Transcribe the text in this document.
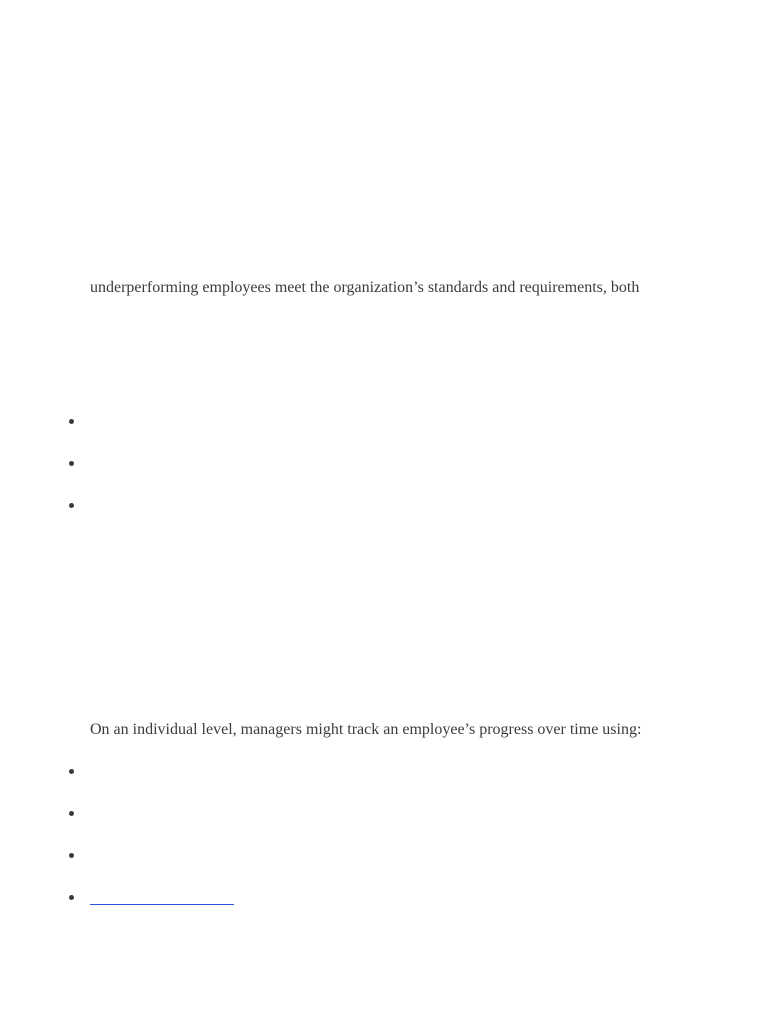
underperforming employees meet the organization’s standards and requirements, both

On an individual level, managers might track an employee’s progress over time using:
